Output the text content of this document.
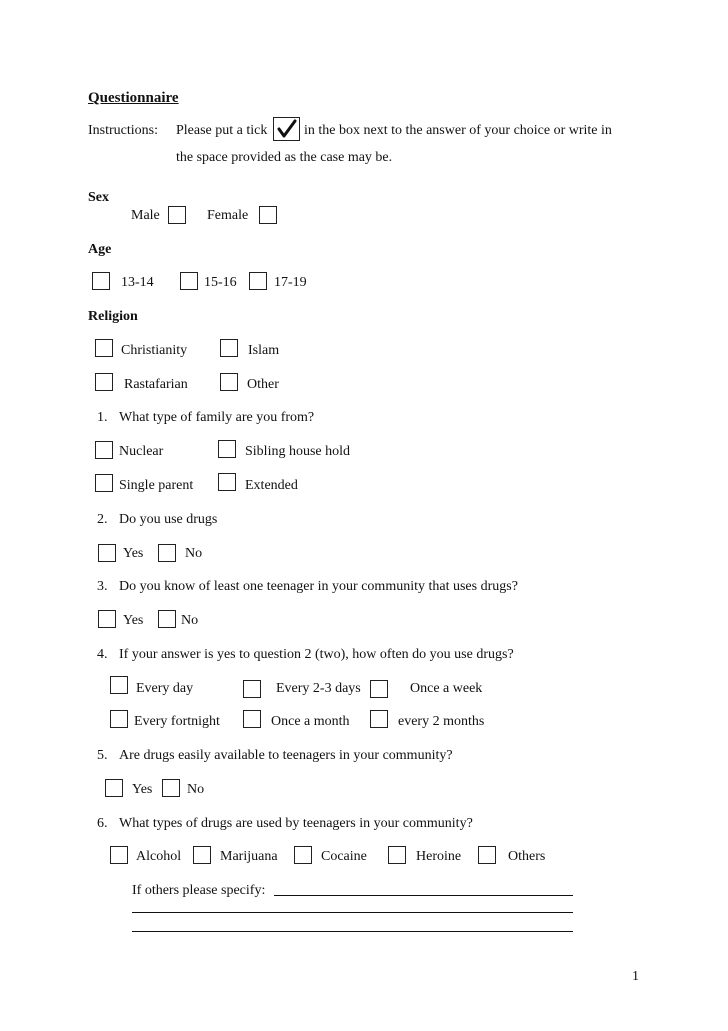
Questionnaire
Instructions: Please put a tick	in the box next to the answer of your choice or write in
the space provided as the case may be.
Sex
Male	Female
Age
13-14	15-16	17-19
Religion
Christianity	Islam
Rastafarian	Other
1. What type of family are you from?
Nuclear	Sibling house hold
Single parent	Extended
2. Do you use drugs
Yes	No
3. Do you know of least one teenager in your community that uses drugs?
Yes	No
4. If your answer is yes to question 2 (two), how often do you use drugs?
Every day	Every 2-3 days	Once a week
Every fortnight	Once a month	every 2 months
5. Are drugs easily available to teenagers in your community?
Yes No
6. What types of drugs are used by teenagers in your community?
Alcohol	Marijuana	Cocaine	Heroine	Others
If others please specify:
1
